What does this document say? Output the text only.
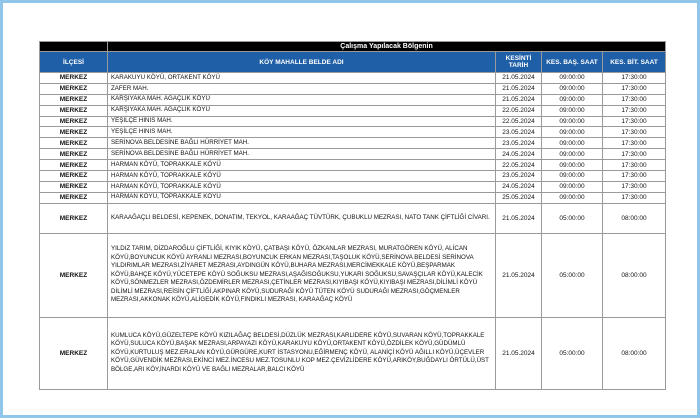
	Çalışma Yapılacak Bölgenin			
İLÇESİ	KÖY MAHALLE BELDE ADI	KESİNTİ TARİH	KES. BAŞ. SAAT	KES. BİT. SAAT
MERKEZ	KARAKUYU KÖYÜ, ORTAKENT KÖYÜ	21.05.2024	09:00:00	17:30:00
MERKEZ	ZAFER MAH.	21.05.2024	09:00:00	17:30:00
MERKEZ	KARŞIYAKA MAH. AĞAÇLIK KÖYÜ	21.05.2024	09:00:00	17:30:00
MERKEZ	KARŞIYAKA MAH. AĞAÇLIK KÖYÜ	22.05.2024	09:00:00	17:30:00
MERKEZ	YEŞİLÇE HINIS MAH.	22.05.2024	09:00:00	17:30:00
MERKEZ	YEŞİLÇE HINIS MAH.	23.05.2024	09:00:00	17:30:00
MERKEZ	SERİNOVA BELDESİNE BAĞLI HÜRRİYET MAH.	23.05.2024	09:00:00	17:30:00
MERKEZ	SERİNOVA BELDESİNE BAĞLI HÜRRİYET MAH.	24.05.2024	09:00:00	17:30:00
MERKEZ	HARMAN KÖYÜ, TOPRAKKALE KÖYÜ	22.05.2024	09:00:00	17:30:00
MERKEZ	HARMAN KÖYÜ, TOPRAKKALE KÖYÜ	23.05.2024	09:00:00	17:30:00
MERKEZ	HARMAN KÖYÜ, TOPRAKKALE KÖYÜ	24.05.2024	09:00:00	17:30:00
MERKEZ	HARMAN KÖYÜ, TOPRAKKALE KÖYÜ	25.05.2024	09:00:00	17:30:00
MERKEZ	KARAAĞAÇLI BELDESİ, KEPENEK, DONATIM, TEKYOL, KARAAĞAÇ TÜVTÜRK, ÇUBUKLU MEZRASI, NATO TANK ÇİFTLİĞİ CİVARI.	21.05.2024	05:00:00	08:00:00
MERKEZ	YILDIZ TARIM, DİZDAROĞLU ÇİFTLİĞİ, KIYIK KÖYÜ, ÇATBAŞI KÖYÜ, ÖZKANLAR MEZRASI, MURATGÖREN KÖYÜ, ALİCAN KÖYÜ,BOYUNCUK KÖYÜ AYRANLI MEZRASI,BOYUNCUK ERKAN MEZRASI,TAŞOLUK KÖYÜ,SERİNOVA BELDESİ SERİNOVA YILDIRIMLAR MEZRASI,ZİYARET MEZRASI,AYDINGÜN KÖYÜ,BUHARA MEZRASI,MERCİMEKKALE KÖYÜ,BEŞPARMAK KÖYÜ,BAHÇE KÖYÜ,YÜCETEPE KÖYÜ SOĞUKSU MEZRASI,AŞAĞISOĞUKSU,YUKARI SOĞUKSU,SAVAŞÇILAR KÖYÜ,KALECİK KÖYÜ,SÖNMEZLER MEZRASI,ÖZDEMİRLER MEZRASI,ÇETİNLER MEZRASI,KIYIBAŞI KÖYÜ,KIYIBAŞI MEZRASI,DİLİMLİ KÖYÜ DİLİMLİ MEZRASI,REİSİN ÇİFTLİĞİ,AKPINAR KÖYÜ,SUDURAĞI KÖYÜ TÜTEN KÖYÜ SUDURAĞI MEZRASI,GÖÇMENLER MEZRASI,AKKONAK KÖYÜ,ALİGEDİK KÖYÜ,FINDIKLI MEZRASI, KARAAĞAÇ KÖYÜ	21.05.2024	05:00:00	08:00:00
MERKEZ	KUMLUCA KÖYÜ,GÜZELTEPE KÖYÜ KIZILAĞAÇ BELDESİ,DÜZLÜK MEZRASI,KARLIDERE KÖYÜ,SUVARAN KÖYÜ,TOPRAKKALE KÖYÜ,SULUCA KÖYÜ,BAŞAK MEZRASI,ARPAYAZI KÖYÜ,KARAKUYU KÖYÜ,ORTAKENT KÖYÜ,ÖZDİLEK KÖYÜ,GÜDÜMLÜ KÖYÜ,KURTULUŞ MEZ.ERALAN KÖYÜ,GÜRGÜRE,KURT İSTASYONU,EĞİRMENÇ KÖYÜ, ALANİÇİ KÖYÜ AĞILLI KÖYÜ,ÜÇEVLER KÖYÜ,GÜVENDİK MEZRASI,EKİNCİ MEZ.İNCESU MEZ.TOSUNLU KOP MEZ.ÇEVİZLİDERE KÖYÜ,ARIKÖY,BUĞDAYLI ÖRTÜLÜ,ÜST BÖLGE,ARI KÖY,İNARDI KÖYÜ VE BAĞLI MEZRALAR,BALCI KÖYÜ	21.05.2024	05:00:00	08:00:00
